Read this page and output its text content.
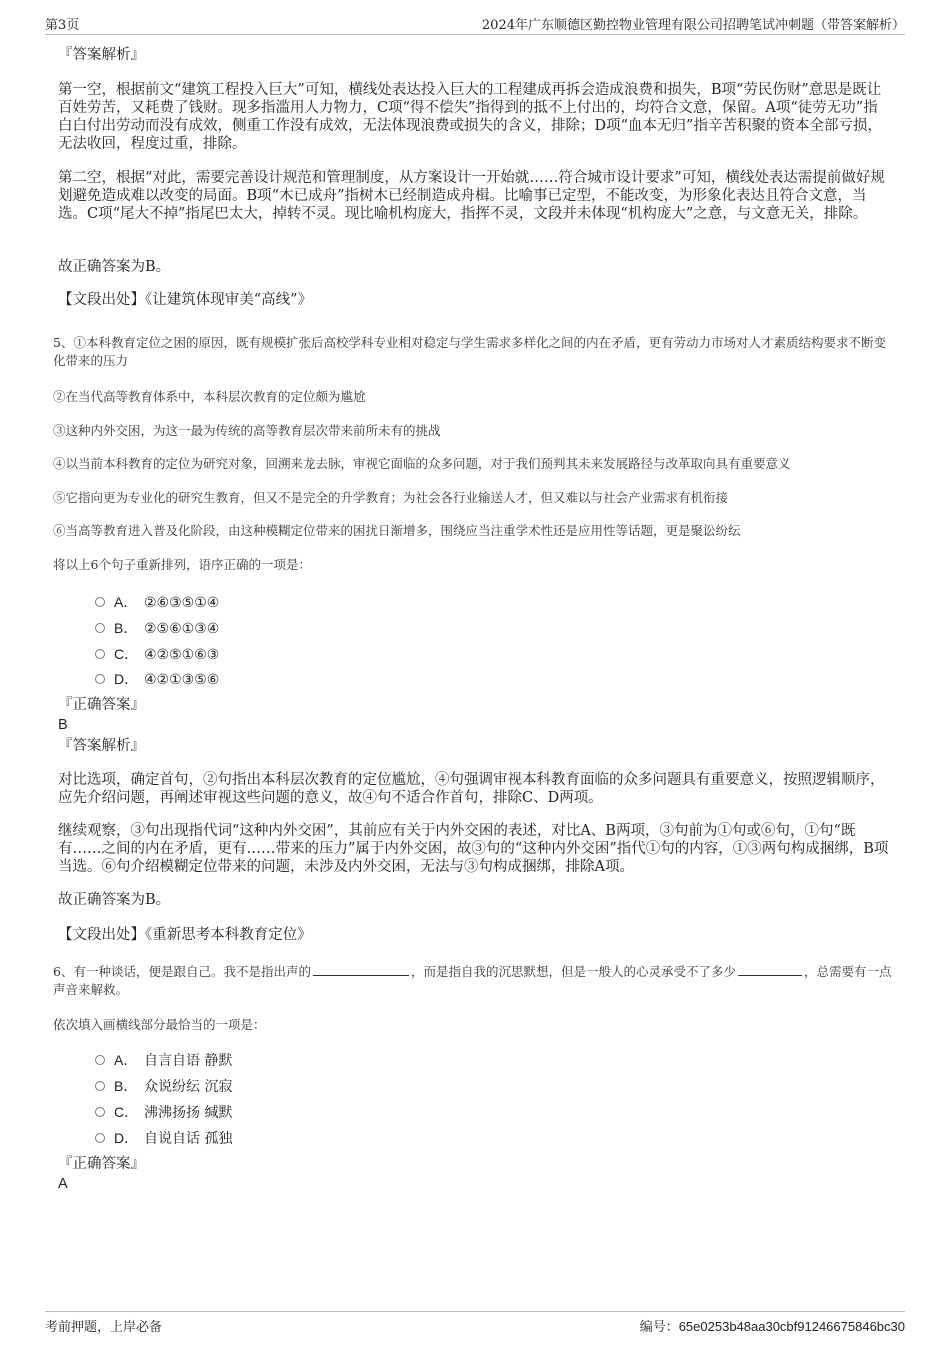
第3页	2024年广东顺德区勤控物业管理有限公司招聘笔试冲刺题（带答案解析）
『答案解析』
第一空，根据前文“建筑工程投入巨大”可知，横线处表达投入巨大的工程建成再拆会造成浪费和损失，B项“劳民伤财”意思是既让百姓劳苦，又耗费了钱财。现多指滥用人力物力，C项“得不偿失”指得到的抵不上付出的，均符合文意，保留。A项“徒劳无功”指白白付出劳动而没有成效，侧重工作没有成效，无法体现浪费或损失的含义，排除；D项“血本无归”指辛苦积聚的资本全部亏损，无法收回，程度过重，排除。
第二空，根据“对此，需要完善设计规范和管理制度，从方案设计一开始就……符合城市设计要求”可知，横线处表达需提前做好规划避免造成难以改变的局面。B项“木已成舟”指树木已经制造成舟楫。比喻事已定型，不能改变，为形象化表达且符合文意，当选。C项“尾大不掉”指尾巴太大，掉转不灵。现比喻机构庞大，指挥不灵，文段并未体现“机构庞大”之意，与文意无关，排除。
故正确答案为B。
【文段出处】《让建筑体现审美“高线”》
5、①本科教育定位之困的原因，既有规模扩张后高校学科专业相对稳定与学生需求多样化之间的内在矛盾，更有劳动力市场对人才素质结构要求不断变化带来的压力
②在当代高等教育体系中，本科层次教育的定位颇为尴尬
③这种内外交困，为这一最为传统的高等教育层次带来前所未有的挑战
④以当前本科教育的定位为研究对象，回溯来龙去脉，审视它面临的众多问题，对于我们预判其未来发展路径与改革取向具有重要意义
⑤它指向更为专业化的研究生教育，但又不是完全的升学教育；为社会各行业输送人才，但又难以与社会产业需求有机衔接
⑥当高等教育进入普及化阶段，由这种模糊定位带来的困扰日渐增多，围绕应当注重学术性还是应用性等话题，更是聚讼纷纭
将以上6个句子重新排列，语序正确的一项是：
A． ②⑥③⑤①④
B． ②⑤⑥①③④
C． ④②⑤①⑥③
D． ④②①③⑤⑥
『正确答案』
B
『答案解析』
对比选项，确定首句，②句指出本科层次教育的定位尴尬，④句强调审视本科教育面临的众多问题具有重要意义，按照逻辑顺序，应先介绍问题，再阐述审视这些问题的意义，故④句不适合作首句，排除C、D两项。
继续观察，③句出现指代词“这种内外交困”，其前应有关于内外交困的表述，对比A、B两项，③句前为①句或⑥句，①句“既有……之间的内在矛盾，更有……带来的压力”属于内外交困，故③句的“这种内外交困”指代①句的内容，①③两句构成捆绑，B项当选。⑥句介绍模糊定位带来的问题，未涉及内外交困，无法与③句构成捆绑，排除A项。
故正确答案为B。
【文段出处】《重新思考本科教育定位》
6、有一种谈话，便是跟自己。我不是指出声的	，而是指自我的沉思默想，但是一般人的心灵承受不了多少	，总需要有一点声音来解救。
依次填入画横线部分最恰当的一项是：
A． 自言自语 静默
B． 众说纷纭 沉寂
C． 沸沸扬扬 缄默
D． 自说自话 孤独
『正确答案』
A
考前押题，上岸必备	编号：65e0253b48aa30cbf91246675846bc30
